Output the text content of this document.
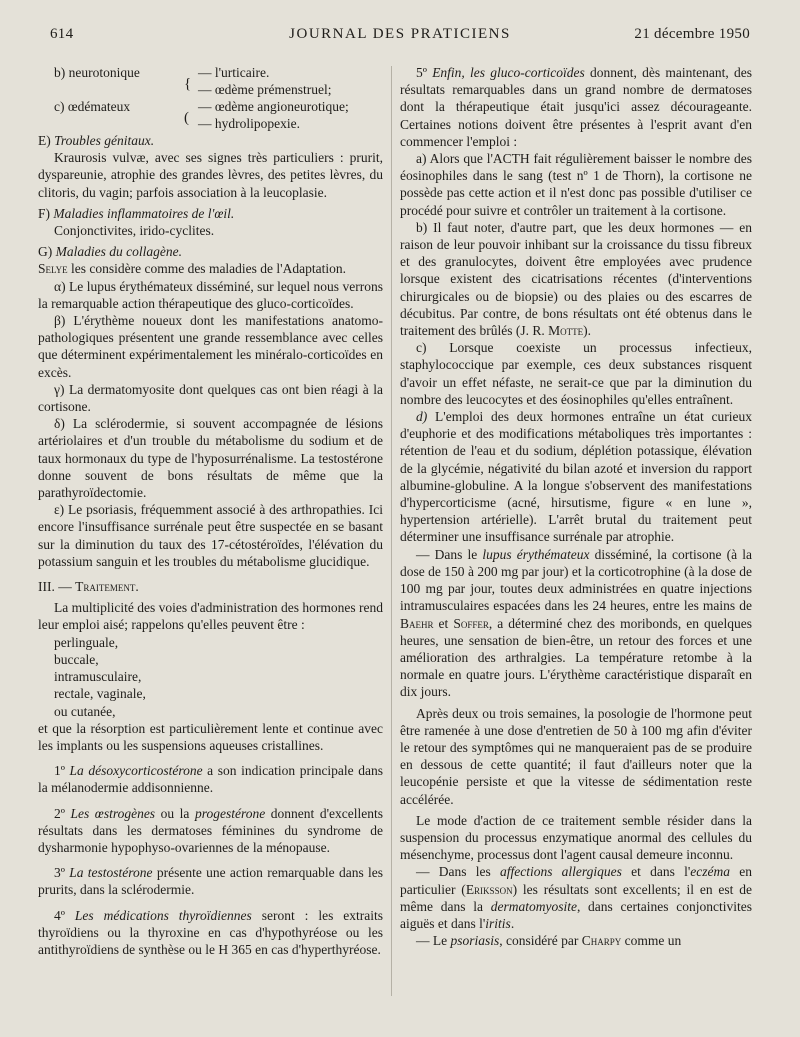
614	JOURNAL DES PRATICIENS	21 décembre 1950
b) neurotonique
c) œdémateux
{
(
— l'urticaire.
— œdème prémenstruel;
— œdème angioneurotique;
— hydrolipopexie.

E) Troubles génitaux.

Kraurosis vulvæ, avec ses signes très particuliers : prurit, dyspareunie, atrophie des grandes lèvres, des petites lèvres, du clitoris, du vagin; parfois association à la leucoplasie.

F) Maladies inflammatoires de l'œil.

Conjonctivites, irido-cyclites.

G) Maladies du collagène.

Selye les considère comme des maladies de l'Adaptation.

α) Le lupus érythémateux disséminé, sur lequel nous verrons la remarquable action thérapeutique des gluco-corticoïdes.

β) L'érythème noueux dont les manifestations anatomo-pathologiques présentent une grande ressemblance avec celles que déterminent expérimentalement les minéralo-corticoïdes en excès.

γ) La dermatomyosite dont quelques cas ont bien réagi à la cortisone.

δ) La sclérodermie, si souvent accompagnée de lésions artériolaires et d'un trouble du métabolisme du sodium et de taux hormonaux du type de l'hyposurrénalisme. La testostérone donne souvent de bons résultats de même que la parathyroïdectomie.

ε) Le psoriasis, fréquemment associé à des arthropathies. Ici encore l'insuffisance surrénale peut être suspectée en se basant sur la diminution du taux des 17-cétostéroïdes, l'élévation du potassium sanguin et les troubles du métabolisme glucidique.

III. — Traitement.

La multiplicité des voies d'administration des hormones rend leur emploi aisé; rappelons qu'elles peuvent être :

perlinguale,

buccale,

intramusculaire,

rectale, vaginale,

ou cutanée,

et que la résorption est particulièrement lente et continue avec les implants ou les suspensions aqueuses cristallines.

1º La désoxycorticostérone a son indication principale dans la mélanodermie addisonnienne.

2º Les œstrogènes ou la progestérone donnent d'excellents résultats dans les dermatoses féminines du syndrome de dysharmonie hypophyso-ovariennes de la ménopause.

3º La testostérone présente une action remarquable dans les prurits, dans la sclérodermie.

4º Les médications thyroïdiennes seront : les extraits thyroïdiens ou la thyroxine en cas d'hypothyréose ou les antithyroïdiens de synthèse ou le H 365 en cas d'hyperthyréose.

5º Enfin, les gluco-corticoïdes donnent, dès maintenant, des résultats remarquables dans un grand nombre de dermatoses dont la thérapeutique était jusqu'ici assez décourageante. Certaines notions doivent être présentes à l'esprit avant d'en commencer l'emploi :

a) Alors que l'ACTH fait régulièrement baisser le nombre des éosinophiles dans le sang (test nº 1 de Thorn), la cortisone ne possède pas cette action et il n'est donc pas possible d'utiliser ce procédé pour suivre et contrôler un traitement à la cortisone.

b) Il faut noter, d'autre part, que les deux hormones — en raison de leur pouvoir inhibant sur la croissance du tissu fibreux et des granulocytes, doivent être employées avec prudence lorsque existent des cicatrisations récentes (d'interventions chirurgicales ou de biopsie) ou des plaies ou des escarres de décubitus. Par contre, de bons résultats ont été obtenus dans le traitement des brûlés (J. R. Motte).

c) Lorsque coexiste un processus infectieux, staphylococcique par exemple, ces deux substances risquent d'avoir un effet néfaste, ne serait-ce que par la diminution du nombre des leucocytes et des éosinophiles qu'elles entraînent.

d) L'emploi des deux hormones entraîne un état curieux d'euphorie et des modifications métaboliques très importantes : rétention de l'eau et du sodium, déplétion potassique, élévation de la glycémie, négativité du bilan azoté et inversion du rapport albumine-globuline. A la longue s'observent des manifestations d'hypercorticisme (acné, hirsutisme, figure « en lune », hypertension artérielle). L'arrêt brutal du traitement peut déterminer une insuffisance surrénale par atrophie.

— Dans le lupus érythémateux disséminé, la cortisone (à la dose de 150 à 200 mg par jour) et la corticotrophine (à la dose de 100 mg par jour, toutes deux administrées en quatre injections intramusculaires espacées dans les 24 heures, entre les mains de Baehr et Soffer, a déterminé chez des moribonds, en quelques heures, une sensation de bien-être, un retour des forces et une amélioration des arthralgies. La température retombe à la normale en quatre jours. L'érythème caractéristique disparaît en dix jours.

Après deux ou trois semaines, la posologie de l'hormone peut être ramenée à une dose d'entretien de 50 à 100 mg afin d'éviter le retour des symptômes qui ne manqueraient pas de se produire en dessous de cette quantité; il faut d'ailleurs noter que la leucopénie persiste et que la vitesse de sédimentation reste accélérée.

Le mode d'action de ce traitement semble résider dans la suspension du processus enzymatique anormal des cellules du mésenchyme, processus dont l'agent causal demeure inconnu.

— Dans les affections allergiques et dans l'eczéma en particulier (Eriksson) les résultats sont excellents; il en est de même dans la dermatomyosite, dans certaines conjonctivites aiguës et dans l'iritis.

— Le psoriasis, considéré par Charpy comme un
